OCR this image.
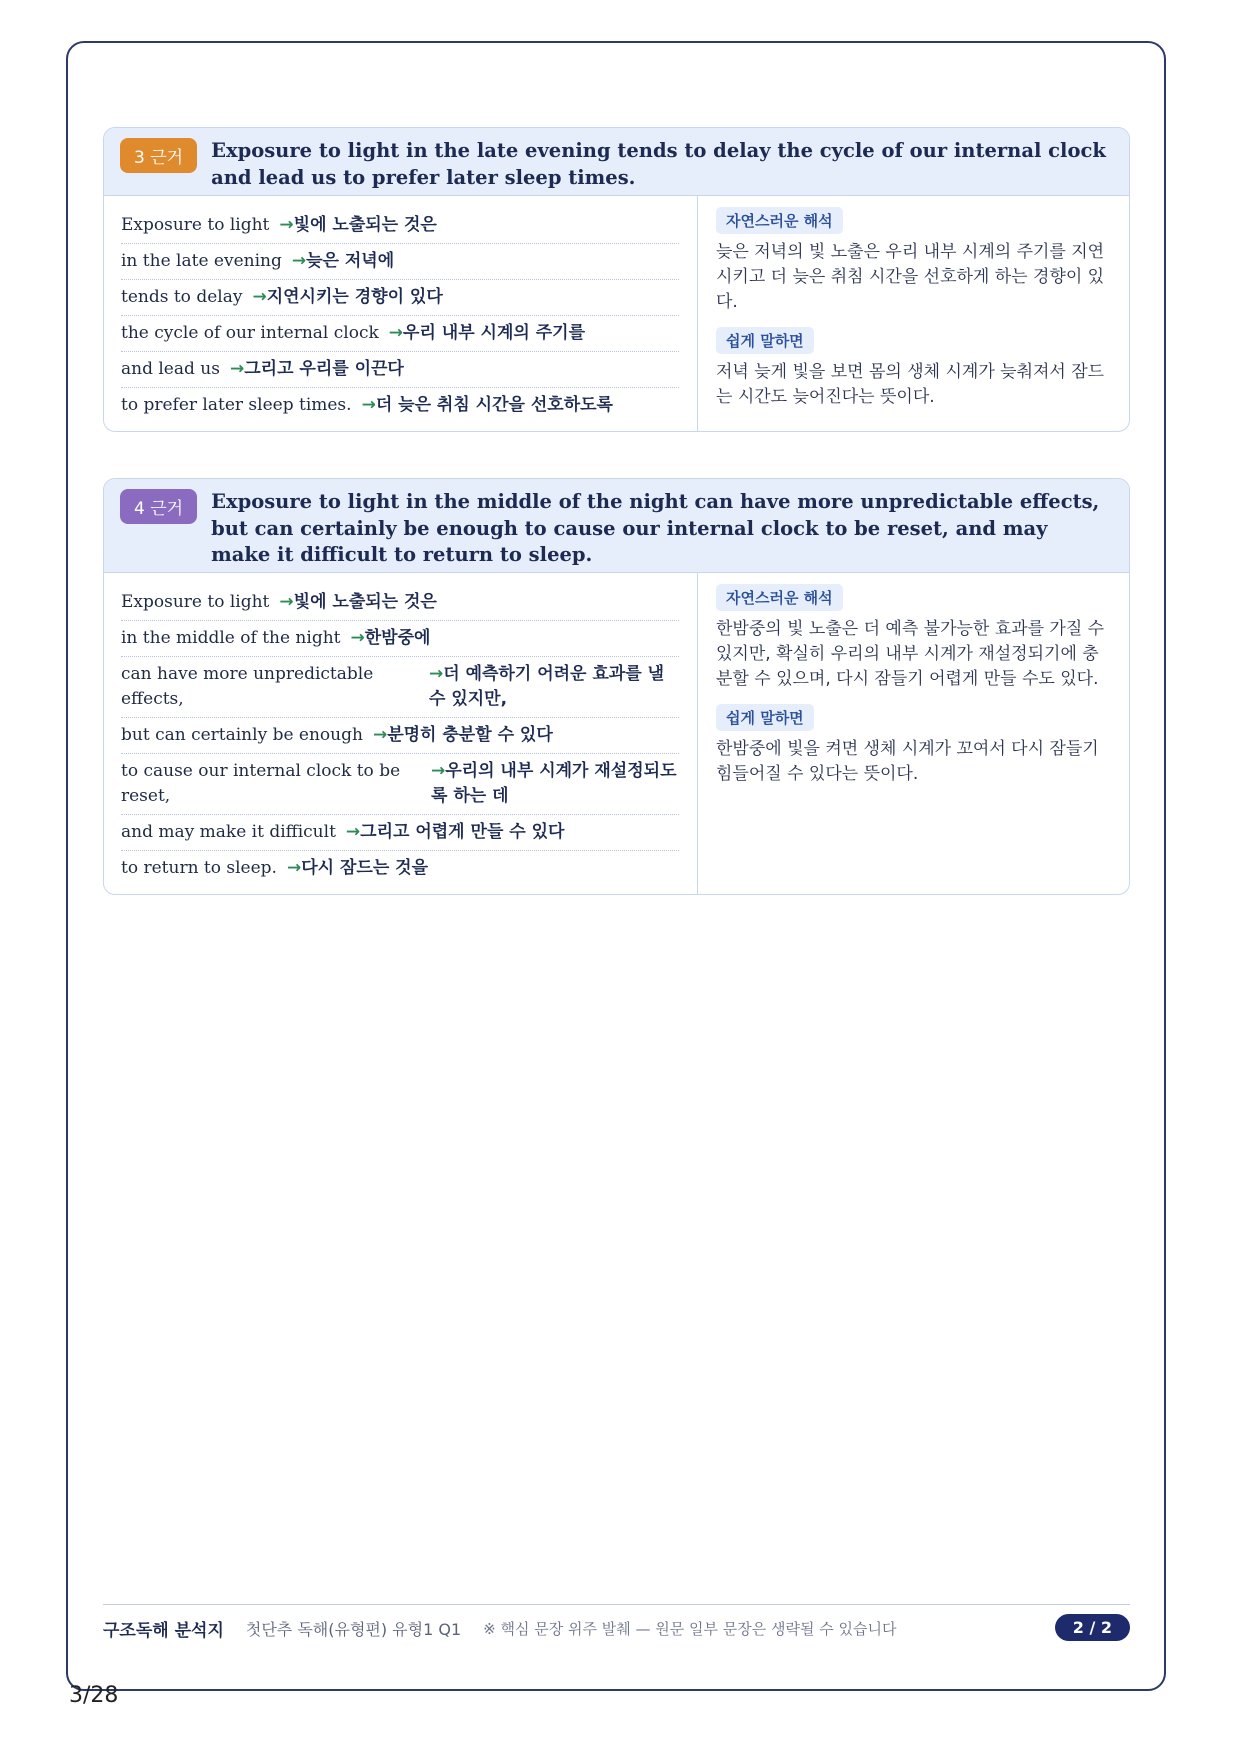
3 근거	Exposure to light in the late evening tends to delay the cycle of our internal clock and lead us to prefer later sleep times.
Exposure to light →빛에 노출되는 것은
in the late evening →늦은 저녁에
tends to delay →지연시키는 경향이 있다
the cycle of our internal clock →우리 내부 시계의 주기를
and lead us →그리고 우리를 이끈다
to prefer later sleep times. →더 늦은 취침 시간을 선호하도록
자연스러운 해석

늦은 저녁의 빛 노출은 우리 내부 시계의 주기를 지연시키고 더 늦은 취침 시간을 선호하게 하는 경향이 있다.

쉽게 말하면

저녁 늦게 빛을 보면 몸의 생체 시계가 늦춰져서 잠드는 시간도 늦어진다는 뜻이다.

4 근거	Exposure to light in the middle of the night can have more unpredictable effects, but can certainly be enough to cause our internal clock to be reset, and may make it difficult to return to sleep.
Exposure to light →빛에 노출되는 것은
in the middle of the night →한밤중에
can have more unpredictable effects,
→더 예측하기 어려운 효과를 낼 수 있지만,
but can certainly be enough →분명히 충분할 수 있다
to cause our internal clock to be reset,
→우리의 내부 시계가 재설정되도록 하는 데
and may make it difficult →그리고 어렵게 만들 수 있다
to return to sleep. →다시 잠드는 것을
자연스러운 해석

한밤중의 빛 노출은 더 예측 불가능한 효과를 가질 수 있지만, 확실히 우리의 내부 시계가 재설정되기에 충분할 수 있으며, 다시 잠들기 어렵게 만들 수도 있다.

쉽게 말하면

한밤중에 빛을 켜면 생체 시계가 꼬여서 다시 잠들기 힘들어질 수 있다는 뜻이다.

구조독해 분석지 첫단추 독해(유형편) 유형1 Q1 ※ 핵심 문장 위주 발췌 — 원문 일부 문장은 생략될 수 있습니다	2 / 2
3/28
